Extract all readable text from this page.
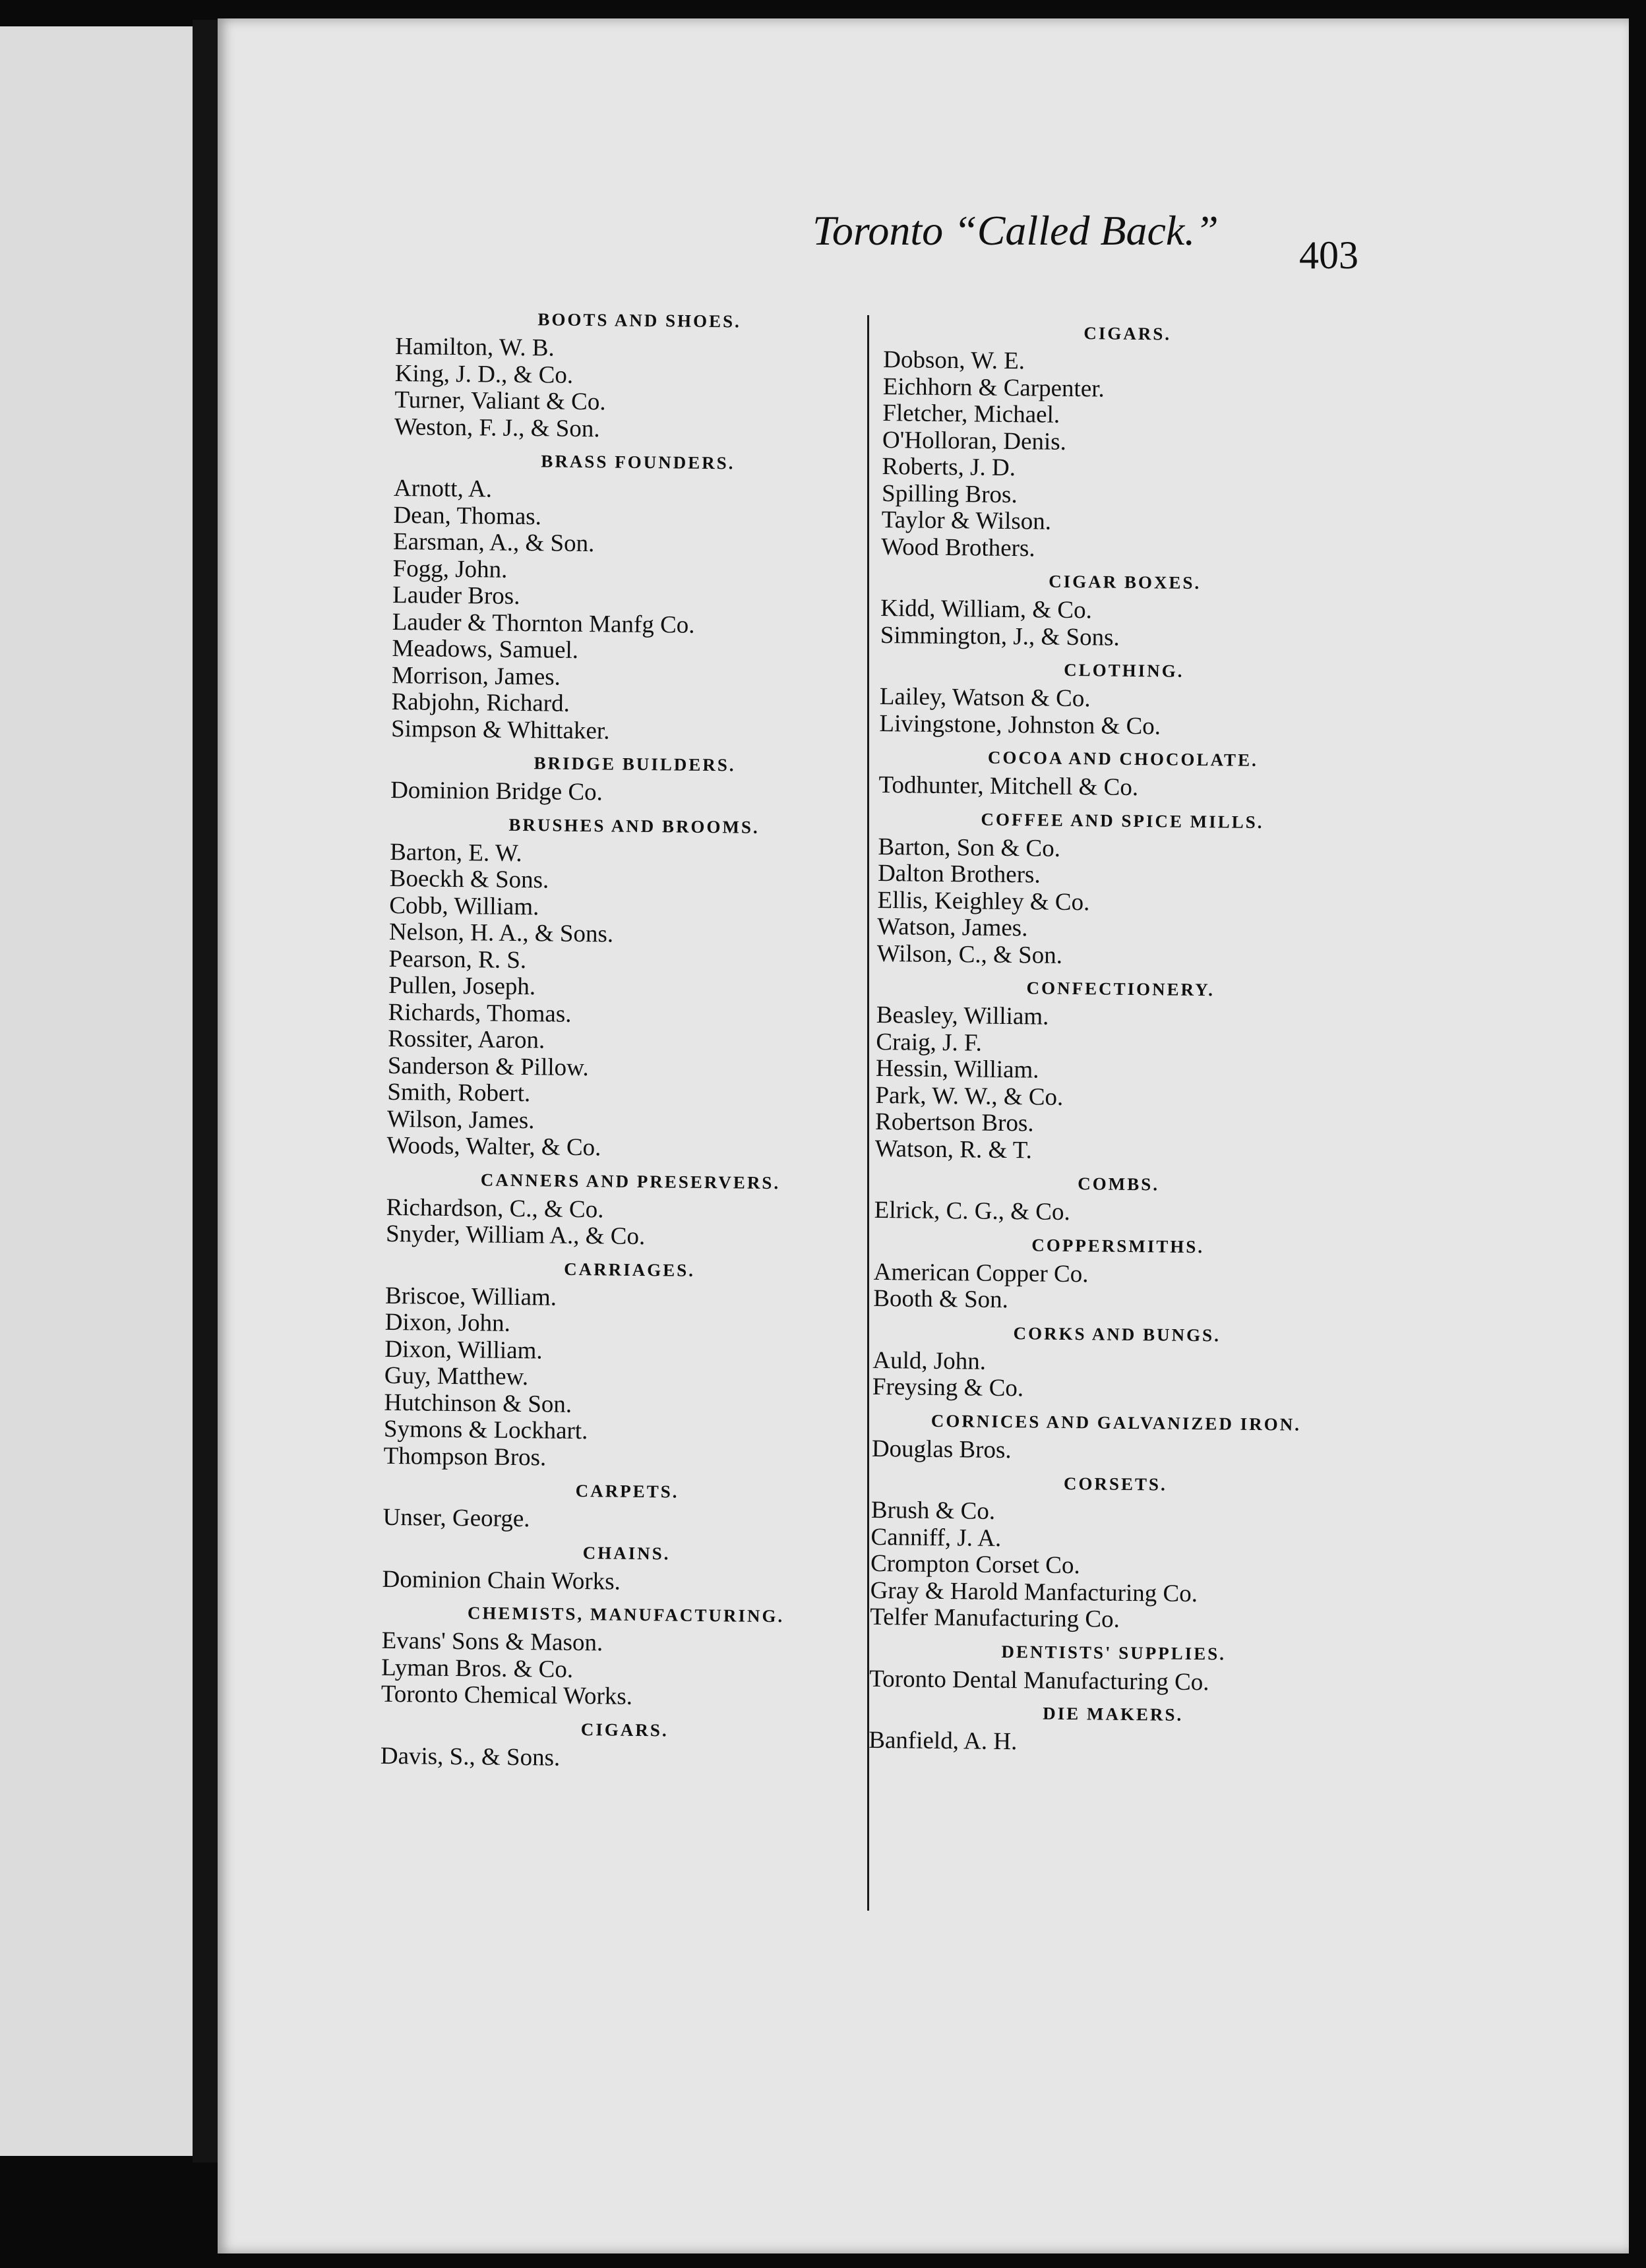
Toronto “Called Back.”
403
BOOTS AND SHOES.
Hamilton, W. B.
King, J. D., & Co.
Turner, Valiant & Co.
Weston, F. J., & Son.
BRASS FOUNDERS.
Arnott, A.
Dean, Thomas.
Earsman, A., & Son.
Fogg, John.
Lauder Bros.
Lauder & Thornton Manfg Co.
Meadows, Samuel.
Morrison, James.
Rabjohn, Richard.
Simpson & Whittaker.
BRIDGE BUILDERS.
Dominion Bridge Co.
BRUSHES AND BROOMS.
Barton, E. W.
Boeckh & Sons.
Cobb, William.
Nelson, H. A., & Sons.
Pearson, R. S.
Pullen, Joseph.
Richards, Thomas.
Rossiter, Aaron.
Sanderson & Pillow.
Smith, Robert.
Wilson, James.
Woods, Walter, & Co.
CANNERS AND PRESERVERS.
Richardson, C., & Co.
Snyder, William A., & Co.
CARRIAGES.
Briscoe, William.
Dixon, John.
Dixon, William.
Guy, Matthew.
Hutchinson & Son.
Symons & Lockhart.
Thompson Bros.
CARPETS.
Unser, George.
CHAINS.
Dominion Chain Works.
CHEMISTS, MANUFACTURING.
Evans' Sons & Mason.
Lyman Bros. & Co.
Toronto Chemical Works.
CIGARS.
Davis, S., & Sons.
CIGARS.
Dobson, W. E.
Eichhorn & Carpenter.
Fletcher, Michael.
O'Holloran, Denis.
Roberts, J. D.
Spilling Bros.
Taylor & Wilson.
Wood Brothers.
CIGAR BOXES.
Kidd, William, & Co.
Simmington, J., & Sons.
CLOTHING.
Lailey, Watson & Co.
Livingstone, Johnston & Co.
COCOA AND CHOCOLATE.
Todhunter, Mitchell & Co.
COFFEE AND SPICE MILLS.
Barton, Son & Co.
Dalton Brothers.
Ellis, Keighley & Co.
Watson, James.
Wilson, C., & Son.
CONFECTIONERY.
Beasley, William.
Craig, J. F.
Hessin, William.
Park, W. W., & Co.
Robertson Bros.
Watson, R. & T.
COMBS.
Elrick, C. G., & Co.
COPPERSMITHS.
American Copper Co.
Booth & Son.
CORKS AND BUNGS.
Auld, John.
Freysing & Co.
CORNICES AND GALVANIZED IRON.
Douglas Bros.
CORSETS.
Brush & Co.
Canniff, J. A.
Crompton Corset Co.
Gray & Harold Manfacturing Co.
Telfer Manufacturing Co.
DENTISTS' SUPPLIES.
Toronto Dental Manufacturing Co.
DIE MAKERS.
Banfield, A. H.
